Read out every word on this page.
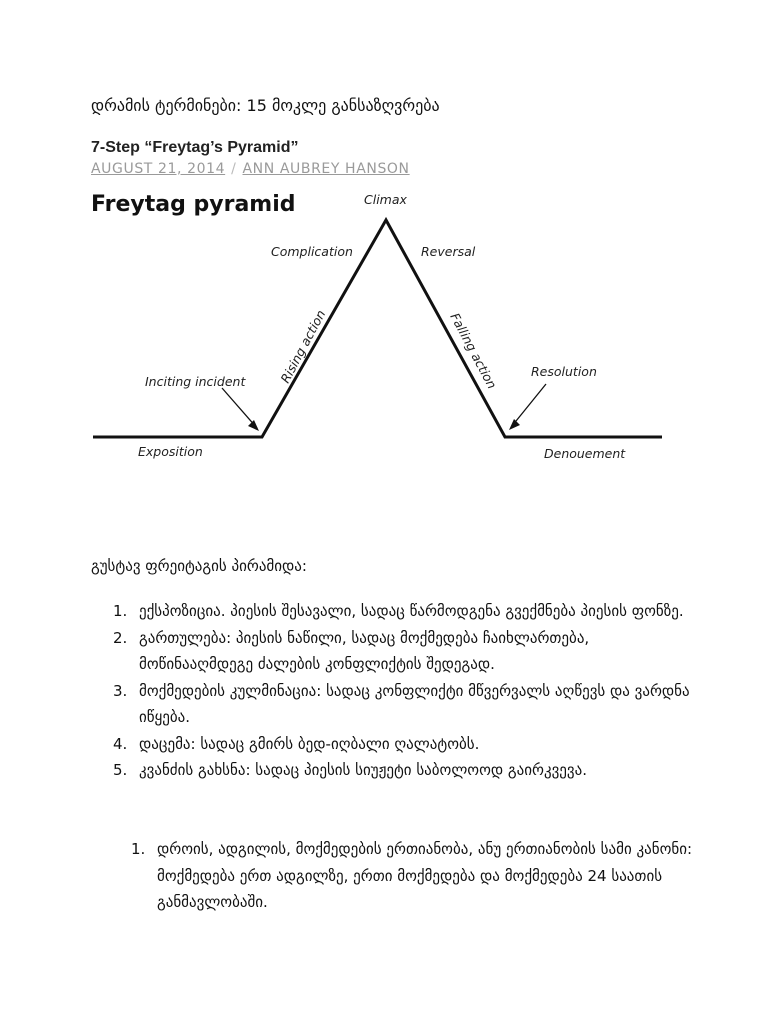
დრამის ტერმინები: 15 მოკლე განსაზღვრება
7-Step “Freytag’s Pyramid”
AUGUST 21, 2014 / ANN AUBREY HANSON
Freytag pyramid	Climax
Complication	Reversal
Rising action	Falling action
Inciting incident
Resolution
Exposition	Denouement
გუსტავ ფრეიტაგის პირამიდა:
1. ექსპოზიცია. პიესის შესავალი, სადაც წარმოდგენა გვექმნება პიესის ფონზე.
2. გართულება: პიესის ნაწილი, სადაც მოქმედება ჩაიხლართება, მოწინააღმდეგე ძალების კონფლიქტის შედეგად.
3. მოქმედების კულმინაცია: სადაც კონფლიქტი მწვერვალს აღწევს და ვარდნა იწყება.
4. დაცემა: სადაც გმირს ბედ-იღბალი ღალატობს.
5. კვანძის გახსნა: სადაც პიესის სიუჟეტი საბოლოოდ გაირკვევა.
1. დროის, ადგილის, მოქმედების ერთიანობა, ანუ ერთიანობის სამი კანონი: მოქმედება ერთ ადგილზე, ერთი მოქმედება და მოქმედება 24 საათის განმავლობაში.
